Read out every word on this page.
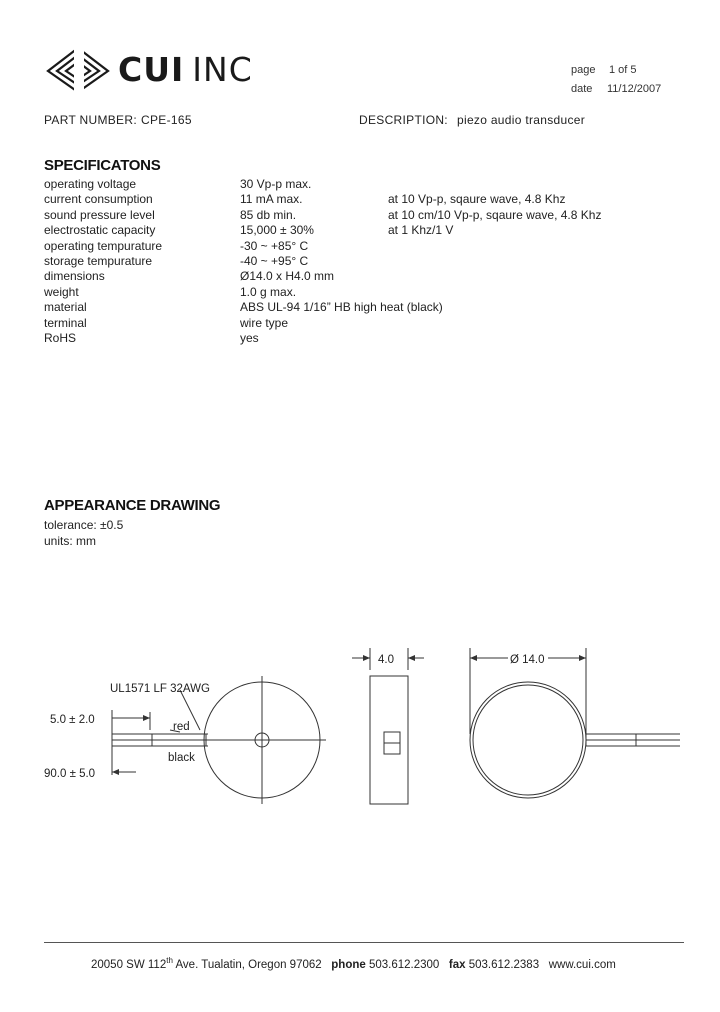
CUI INC	page 1 of 5
date 11/12/2007
PART NUMBER: CPE-165	DESCRIPTION: piezo audio transducer
SPECIFICATONS
operating voltage	30 Vp-p max.
current consumption	11 mA max.	at 10 Vp-p, sqaure wave, 4.8 Khz
sound pressure level	85 db min.	at 10 cm/10 Vp-p, sqaure wave, 4.8 Khz
electrostatic capacity	15,000 ± 30%	at 1 Khz/1 V
operating tempurature	-30 ~ +85° C
storage tempurature	-40 ~ +95° C
dimensions	Ø14.0 x H4.0 mm
weight	1.0 g max.
material	ABS UL-94 1/16” HB high heat (black)
terminal	wire type
RoHS	yes
APPEARANCE DRAWING
tolerance: ±0.5
units: mm
UL1571 LF 32AWG
5.0 ± 2.0
red
black
90.0 ± 5.0
4.0	Ø 14.0
20050 SW 112th Ave. Tualatin, Oregon 97062 phone 503.612.2300 fax 503.612.2383 www.cui.com
